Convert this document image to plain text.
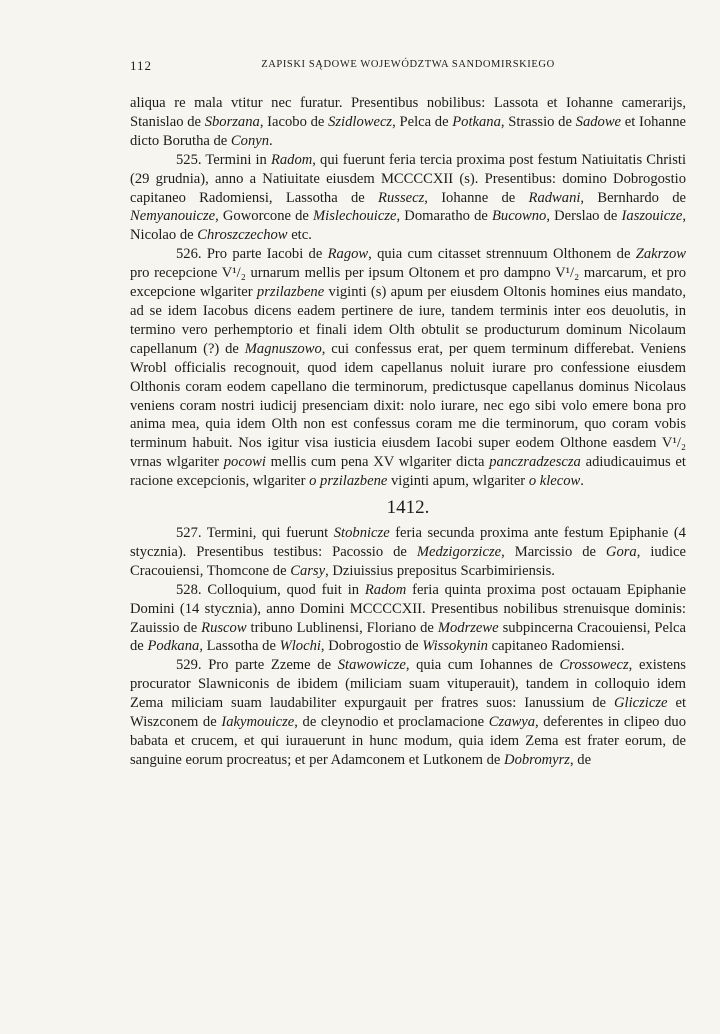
112	ZAPISKI SĄDOWE WOJEWÓDZTWA SANDOMIRSKIEGO

aliqua re mala vtitur nec furatur. Presentibus nobilibus: Lassota et Iohanne camerarijs, Stanislao de Sborzana, Iacobo de Szidlowecz, Pelca de Potkana, Strassio de Sadowe et Iohanne dicto Borutha de Conyn.

525. Termini in Radom, qui fuerunt feria tercia proxima post festum Natiuitatis Christi (29 grudnia), anno a Natiuitate eiusdem MCCCCXII (s). Presentibus: domino Dobrogostio capitaneo Radomiensi, Lassotha de Russecz, Iohanne de Radwani, Bernhardo de Nemyanouicze, Goworcone de Mislechouicze, Domaratho de Bucowno, Derslao de Iaszouicze, Nicolao de Chroszczechow etc.

526. Pro parte Iacobi de Ragow, quia cum citasset strennuum Olthonem de Zakrzow pro recepcione V¹/₂ urnarum mellis per ipsum Oltonem et pro dampno V¹/₂ marcarum, et pro excepcione wlgariter przilazbene viginti (s) apum per eiusdem Oltonis homines eius mandato, ad se idem Iacobus dicens eadem pertinere de iure, tandem terminis inter eos deuolutis, in termino vero perhemptorio et finali idem Olth obtulit se producturum dominum Nicolaum capellanum (?) de Magnuszowo, cui confessus erat, per quem terminum differebat. Veniens Wrobl officialis recognouit, quod idem capellanus noluit iurare pro confessione eiusdem Olthonis coram eodem capellano die terminorum, predictusque capellanus dominus Nicolaus veniens coram nostri iudicij presenciam dixit: nolo iurare, nec ego sibi volo emere bona pro anima mea, quia idem Olth non est confessus coram me die terminorum, quo coram vobis terminum habuit. Nos igitur visa iusticia eiusdem Iacobi super eodem Olthone easdem V¹/₂ vrnas wlgariter pocowi mellis cum pena XV wlgariter dicta panczradzescza adiudicauimus et racione excepcionis, wlgariter o przilazbene viginti apum, wlgariter o klecow.

1412.

527. Termini, qui fuerunt Stobnicze feria secunda proxima ante festum Epiphanie (4 stycznia). Presentibus testibus: Pacossio de Medzigorzicze, Marcissio de Gora, iudice Cracouiensi, Thomcone de Carsy, Dziuissius prepositus Scarbimiriensis.

528. Colloquium, quod fuit in Radom feria quinta proxima post octauam Epiphanie Domini (14 stycznia), anno Domini MCCCCXII. Presentibus nobilibus strenuisque dominis: Zauissio de Ruscow tribuno Lublinensi, Floriano de Modrzewe subpincerna Cracouiensi, Pelca de Podkana, Lassotha de Wlochi, Dobrogostio de Wissokynin capitaneo Radomiensi.

529. Pro parte Zzeme de Stawowicze, quia cum Iohannes de Crossowecz, existens procurator Slawniconis de ibidem (miliciam suam vituperauit), tandem in colloquio idem Zema miliciam suam laudabiliter expurgauit per fratres suos: Ianussium de Gliczicze et Wiszconem de Iakymouicze, de cleynodio et proclamacione Czawya, deferentes in clipeo duo babata et crucem, et qui iurauerunt in hunc modum, quia idem Zema est frater eorum, de sanguine eorum procreatus; et per Adamconem et Lutkonem de Dobromyrz, de
